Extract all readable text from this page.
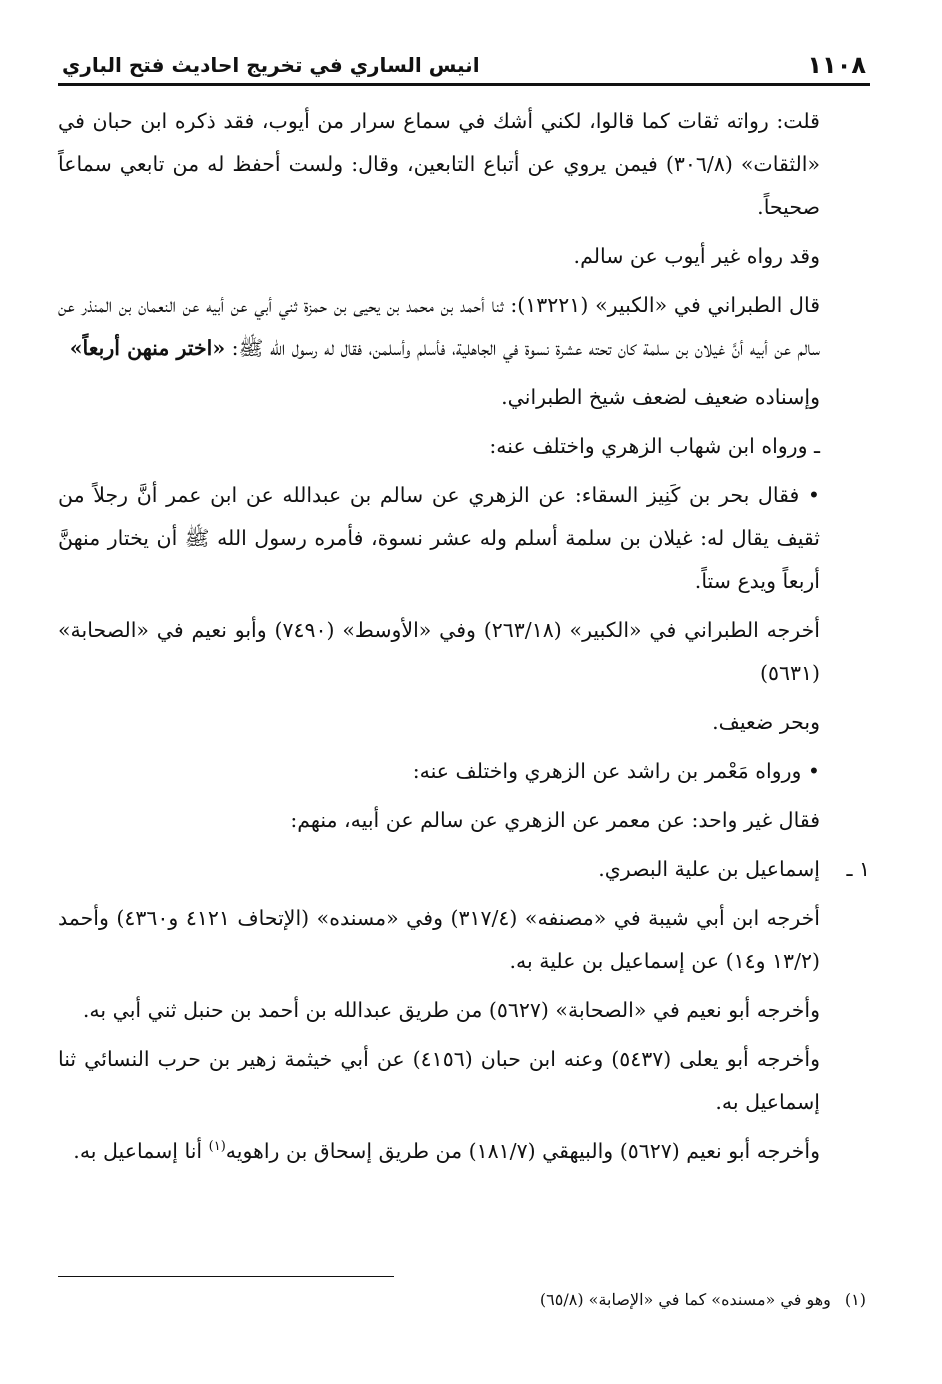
١١٠٨
انيس الساري في تخريج احاديث فتح الباري

قلت: رواته ثقات كما قالوا، لكني أشك في سماع سرار من أيوب، فقد ذكره ابن حبان في «الثقات» (٣٠٦/٨) فيمن يروي عن أتباع التابعين، وقال: ولست أحفظ له من تابعي سماعاً صحيحاً.

وقد رواه غير أيوب عن سالم.

قال الطبراني في «الكبير» (١٣٢٢١): ثنا أحمد بن محمد بن يحيى بن حمزة ثني أبي عن أبيه عن النعمان بن المنذر عن سالم عن أبيه أنَّ غيلان بن سلمة كان تحته عشرة نسوة في الجاهلية، فأسلم وأسلمن، فقال له رسول الله ﷺ: «اختر منهن أربعاً»

وإسناده ضعيف لضعف شيخ الطبراني.

ـ ورواه ابن شهاب الزهري واختلف عنه:

• فقال بحر بن كَنِيز السقاء: عن الزهري عن سالم بن عبدالله عن ابن عمر أنَّ رجلاً من ثقيف يقال له: غيلان بن سلمة أسلم وله عشر نسوة، فأمره رسول الله ﷺ أن يختار منهنَّ أربعاً ويدع ستاً.

أخرجه الطبراني في «الكبير» (٢٦٣/١٨) وفي «الأوسط» (٧٤٩٠) وأبو نعيم في «الصحابة» (٥٦٣١)

وبحر ضعيف.

• ورواه مَعْمر بن راشد عن الزهري واختلف عنه:

فقال غير واحد: عن معمر عن الزهري عن سالم عن أبيه، منهم:

١ ـ
إسماعيل بن علية البصري.

أخرجه ابن أبي شيبة في «مصنفه» (٣١٧/٤) وفي «مسنده» (الإتحاف ٤١٢١ و٤٣٦٠) وأحمد (١٣/٢ و١٤) عن إسماعيل بن علية به.

وأخرجه أبو نعيم في «الصحابة» (٥٦٢٧) من طريق عبدالله بن أحمد بن حنبل ثني أبي به.

وأخرجه أبو يعلى (٥٤٣٧) وعنه ابن حبان (٤١٥٦) عن أبي خيثمة زهير بن حرب النسائي ثنا إسماعيل به.

وأخرجه أبو نعيم (٥٦٢٧) والبيهقي (١٨١/٧) من طريق إسحاق بن راهويه$^{(١)}$ أنا إسماعيل به.

(١)وهو في «مسنده» كما في «الإصابة» (٦٥/٨)
